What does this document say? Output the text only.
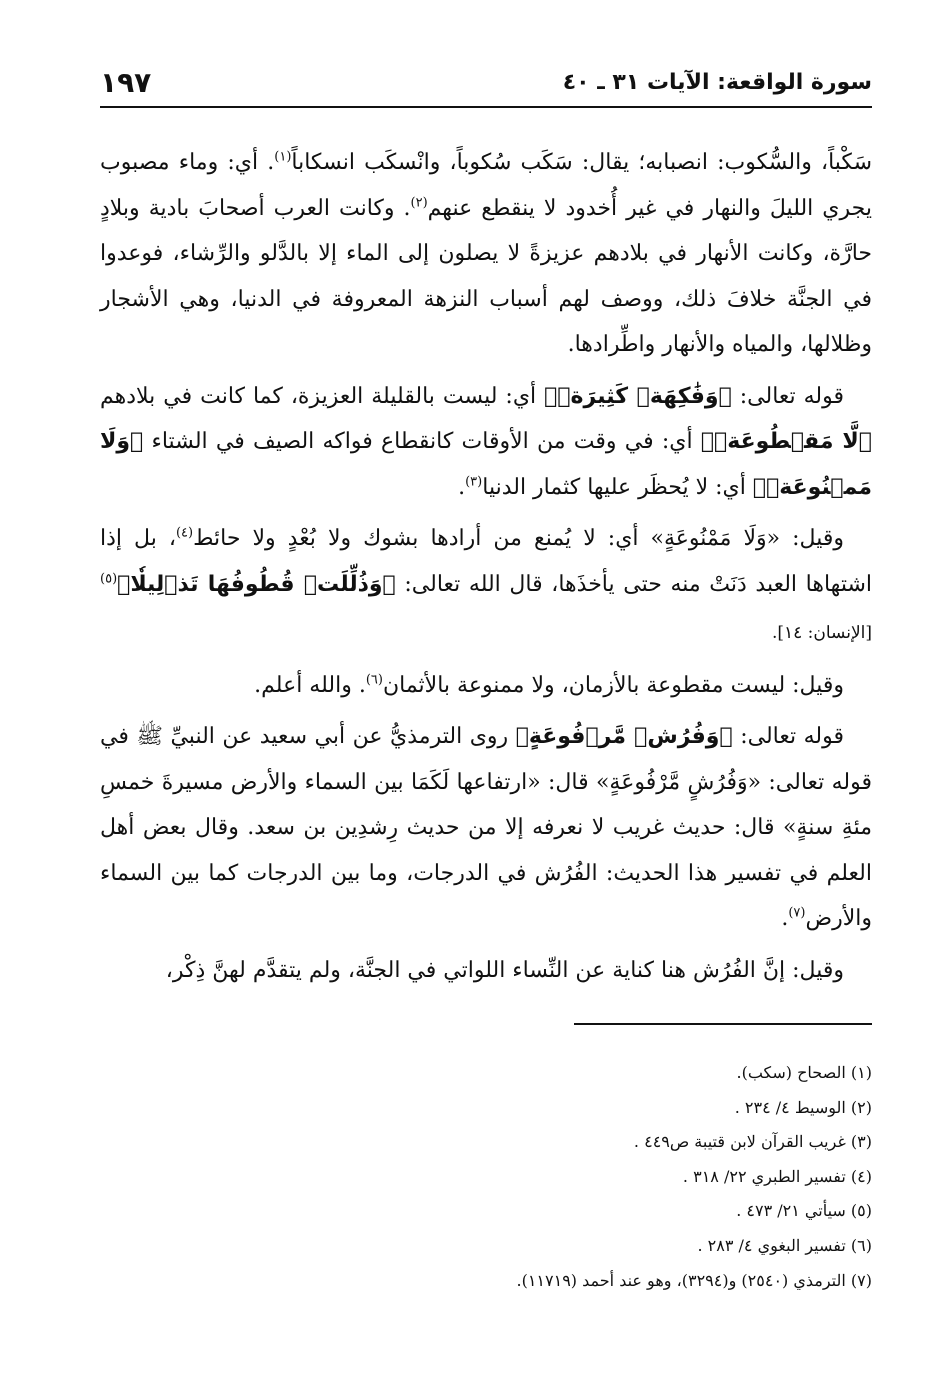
سورة الواقعة: الآيات ٣١ ـ ٤٠
١٩٧

سَكْباً، والسُّكوب: انصبابه؛ يقال: سَكَب سُكوباً، وانْسكَب انسكاباً$^{(١)}$. أي: وماء مصبوب يجري الليلَ والنهار في غير أُخدود لا ينقطع عنهم$^{(٢)}$. وكانت العرب أصحابَ بادية وبلادٍ حارَّة، وكانت الأنهار في بلادهم عزيزةً لا يصلون إلى الماء إلا بالدَّلو والرِّشاء، فوعدوا في الجنَّة خلافَ ذلك، ووصف لهم أسباب النزهة المعروفة في الدنيا، وهي الأشجار وظلالها، والمياه والأنهار واطِّرادها.

قوله تعالى: ﴿وَفَٰكِهَةٖ كَثِيرَةٖ﴾ أي: ليست بالقليلة العزيزة، كما كانت في بلادهم ﴿لَّا مَقۡطُوعَةٖ﴾ أي: في وقت من الأوقات كانقطاع فواكه الصيف في الشتاء ﴿وَلَا مَمۡنُوعَةٖ﴾ أي: لا يُحظَر عليها كثمار الدنيا$^{(٣)}$.

وقيل: «وَلَا مَمْنُوعَةٍ» أي: لا يُمنع من أرادها بشوك ولا بُعْدٍ ولا حائط$^{(٤)}$، بل إذا اشتهاها العبد دَنَتْ منه حتى يأخذَها، قال الله تعالى: ﴿وَذُلِّلَتۡ قُطُوفُهَا تَذۡلِيلٗا﴾$^{(٥)}$ [الإنسان: ١٤].

وقيل: ليست مقطوعة بالأزمان، ولا ممنوعة بالأثمان$^{(٦)}$. والله أعلم.

قوله تعالى: ﴿وَفُرُشٖ مَّرۡفُوعَةٍ﴾ روى الترمذيُّ عن أبي سعيد عن النبيِّ ﷺ في قوله تعالى: «وَفُرُشٍ مَّرْفُوعَةٍ» قال: «ارتفاعها لَكَمَا بين السماء والأرض مسيرةَ خمسِ مئةِ سنةٍ» قال: حديث غريب لا نعرفه إلا من حديث رِشدِين بن سعد. وقال بعض أهل العلم في تفسير هذا الحديث: الفُرُش في الدرجات، وما بين الدرجات كما بين السماء والأرض$^{(٧)}$.

وقيل: إنَّ الفُرُش هنا كناية عن النِّساء اللواتي في الجنَّة، ولم يتقدَّم لهنَّ ذِكْر،

(١) الصحاح (سكب).
(٢) الوسيط ٤/ ٢٣٤ .
(٣) غريب القرآن لابن قتيبة ص٤٤٩ .
(٤) تفسير الطبري ٢٢/ ٣١٨ .
(٥) سيأتي ٢١/ ٤٧٣ .
(٦) تفسير البغوي ٤/ ٢٨٣ .
(٧) الترمذي (٢٥٤٠) و(٣٢٩٤)، وهو عند أحمد (١١٧١٩).
